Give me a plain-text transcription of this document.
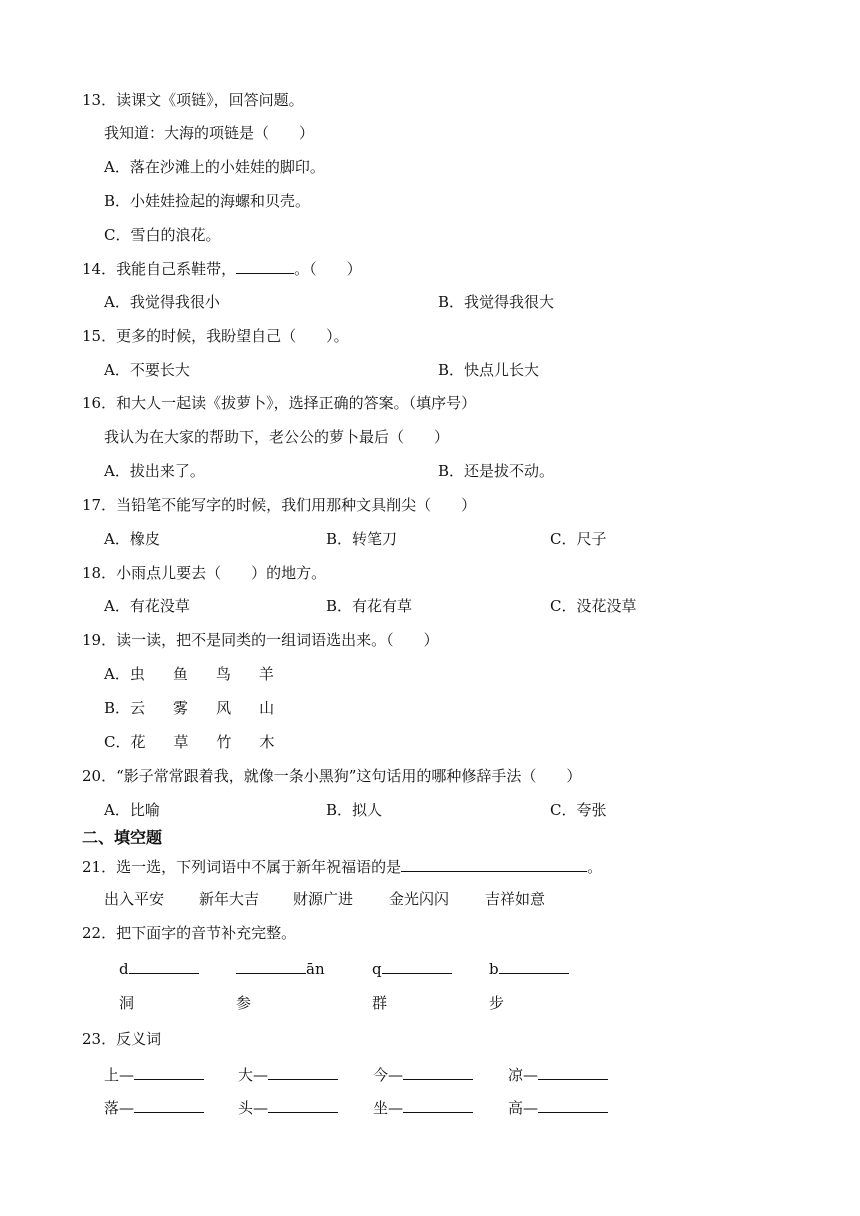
13．读课文《项链》，回答问题。
我知道：大海的项链是（　　）
A．落在沙滩上的小娃娃的脚印。
B．小娃娃捡起的海螺和贝壳。
C．雪白的浪花。
14．我能自己系鞋带，	。（　　）
A．我觉得我很小	B．我觉得我很大
15．更多的时候，我盼望自己（　　）。
A．不要长大	B．快点儿长大
16．和大人一起读《拔萝卜》，选择正确的答案。（填序号）
我认为在大家的帮助下，老公公的萝卜最后（　　）
A．拔出来了。	B．还是拔不动。
17．当铅笔不能写字的时候，我们用那种文具削尖（　　）
A．橡皮	B．转笔刀	C．尺子
18．小雨点儿要去（　　）的地方。
A．有花没草	B．有花有草	C．没花没草
19．读一读，把不是同类的一组词语选出来。（　　）
A．虫 鱼 鸟 羊
B．云 雾 风 山
C．花 草 竹 木
20．“影子常常跟着我，就像一条小黑狗”这句话用的哪种修辞手法（　　）
A．比喻	B．拟人	C．夸张
二、填空题
21．选一选，下列词语中不属于新年祝福语的是	。
出入平安 新年大吉 财源广进 金光闪闪 吉祥如意
22．把下面字的音节补充完整。
d	ān	q	b
洞	参	群	步
23．反义词
上—	大—	今—	凉—
落—	头—	坐—	高—
